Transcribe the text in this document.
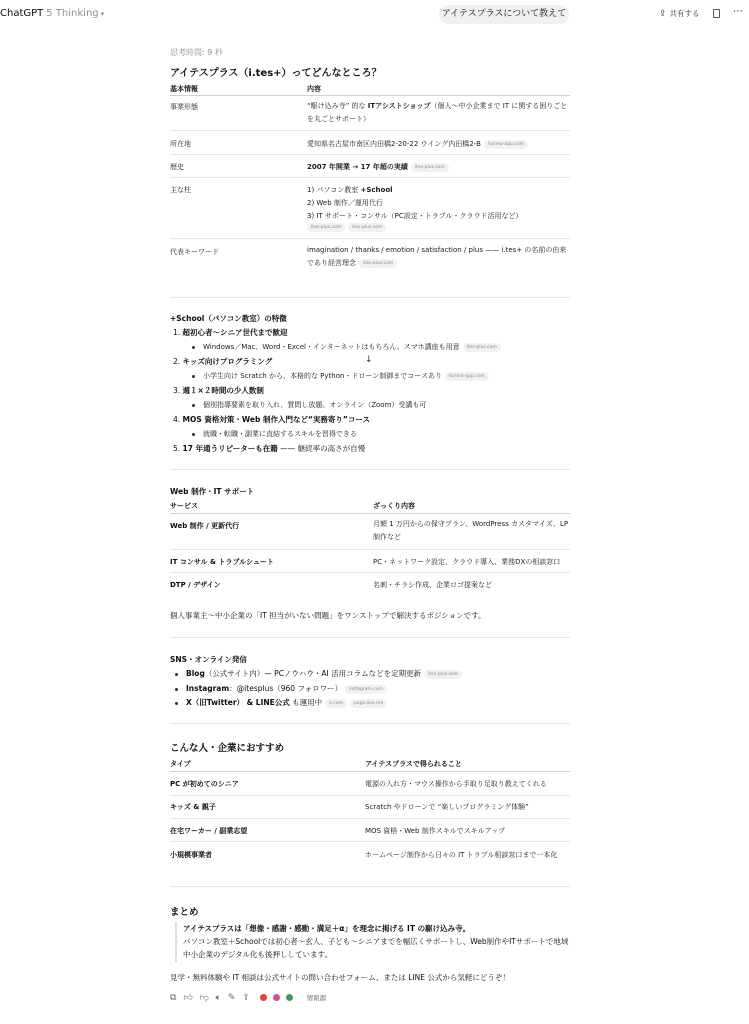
ChatGPT 5 Thinking ▾	アイテスプラスについて教えて	⇪ 共有する	⋯
思考時間: 9 秒
アイテスプラス（i.tes+）ってどんなところ？
基本情報	内容
事業形態	“駆け込み寺” 的な ITアシストショップ（個人〜中小企業まで IT に関する困りごとを丸ごとサポート）
所在地	愛知県名古屋市南区内田橋2-20-22 ウイング内田橋2-B furimo-app.com
歴史	2007 年開業 → 17 年超の実績 ites-plus.com
主な柱	1) パソコン教室 +School
2) Web 制作／運用代行
3) IT サポート・コンサル（PC設定・トラブル・クラウド活用など）
ites-plus.com ites-plus.com
代表キーワード	imagination / thanks / emotion / satisfaction / plus —— i.tes+ の名前の由来であり経営理念 ites-plus.com
+School（パソコン教室）の特徴
1. 超初心者〜シニア世代まで歓迎
Windows／Mac、Word・Excel・インターネットはもちろん、スマホ講座も用意 ites-plus.com
2. キッズ向けプログラミング	↓
小学生向け Scratch から、本格的な Python・ドローン制御までコースあり furimo-app.com
3. 週１×２時間の少人数制
個別指導要素を取り入れ、質問し放題。オンライン（Zoom）受講も可
4. MOS 資格対策・Web 制作入門など“実務寄り”コース
就職・転職・副業に直結するスキルを習得できる
5. 17 年通うリピーターも在籍 —— 継続率の高さが自慢
Web 制作・IT サポート
サービス	ざっくり内容
Web 制作 / 更新代行	月額 1 万円からの保守プラン、WordPress カスタマイズ、LP 制作など
IT コンサル & トラブルシュート	PC・ネットワーク設定、クラウド導入、業務DXの相談窓口
DTP / デザイン	名刺・チラシ作成、企業ロゴ提案など
個人事業主〜中小企業の「IT 担当がいない問題」をワンストップで解決するポジションです。
SNS・オンライン発信
Blog（公式サイト内）— PCノウハウ・AI 活用コラムなどを定期更新 ites-plus.com
Instagram：@itesplus（960 フォロワー） instagram.com
X（旧Twitter） & LINE公式 も運用中 x.com page.line.me
こんな人・企業におすすめ
タイプ	アイテスプラスで得られること
PC が初めてのシニア	電源の入れ方・マウス操作から手取り足取り教えてくれる
キッズ & 親子	Scratch やドローンで “楽しいプログラミング体験”
在宅ワーカー / 副業志望	MOS 資格・Web 制作スキルでスキルアップ
小規模事業者	ホームページ制作から日々の IT トラブル相談窓口まで一本化
まとめ
アイテスプラスは「想像・感謝・感動・満足＋α」を理念に掲げる IT の駆け込み寺。
パソコン教室＋Schoolでは初心者〜玄人、子ども〜シニアまでを幅広くサポートし、Web制作やITサポートで地域中小企業のデジタル化も後押ししています。
見学・無料体験や IT 相談は公式サイトの問い合わせフォーム、または LINE 公式から気軽にどうぞ！
⧉ 👍︎ 👎︎ 🔈︎ ✎ ⇪	情報源
